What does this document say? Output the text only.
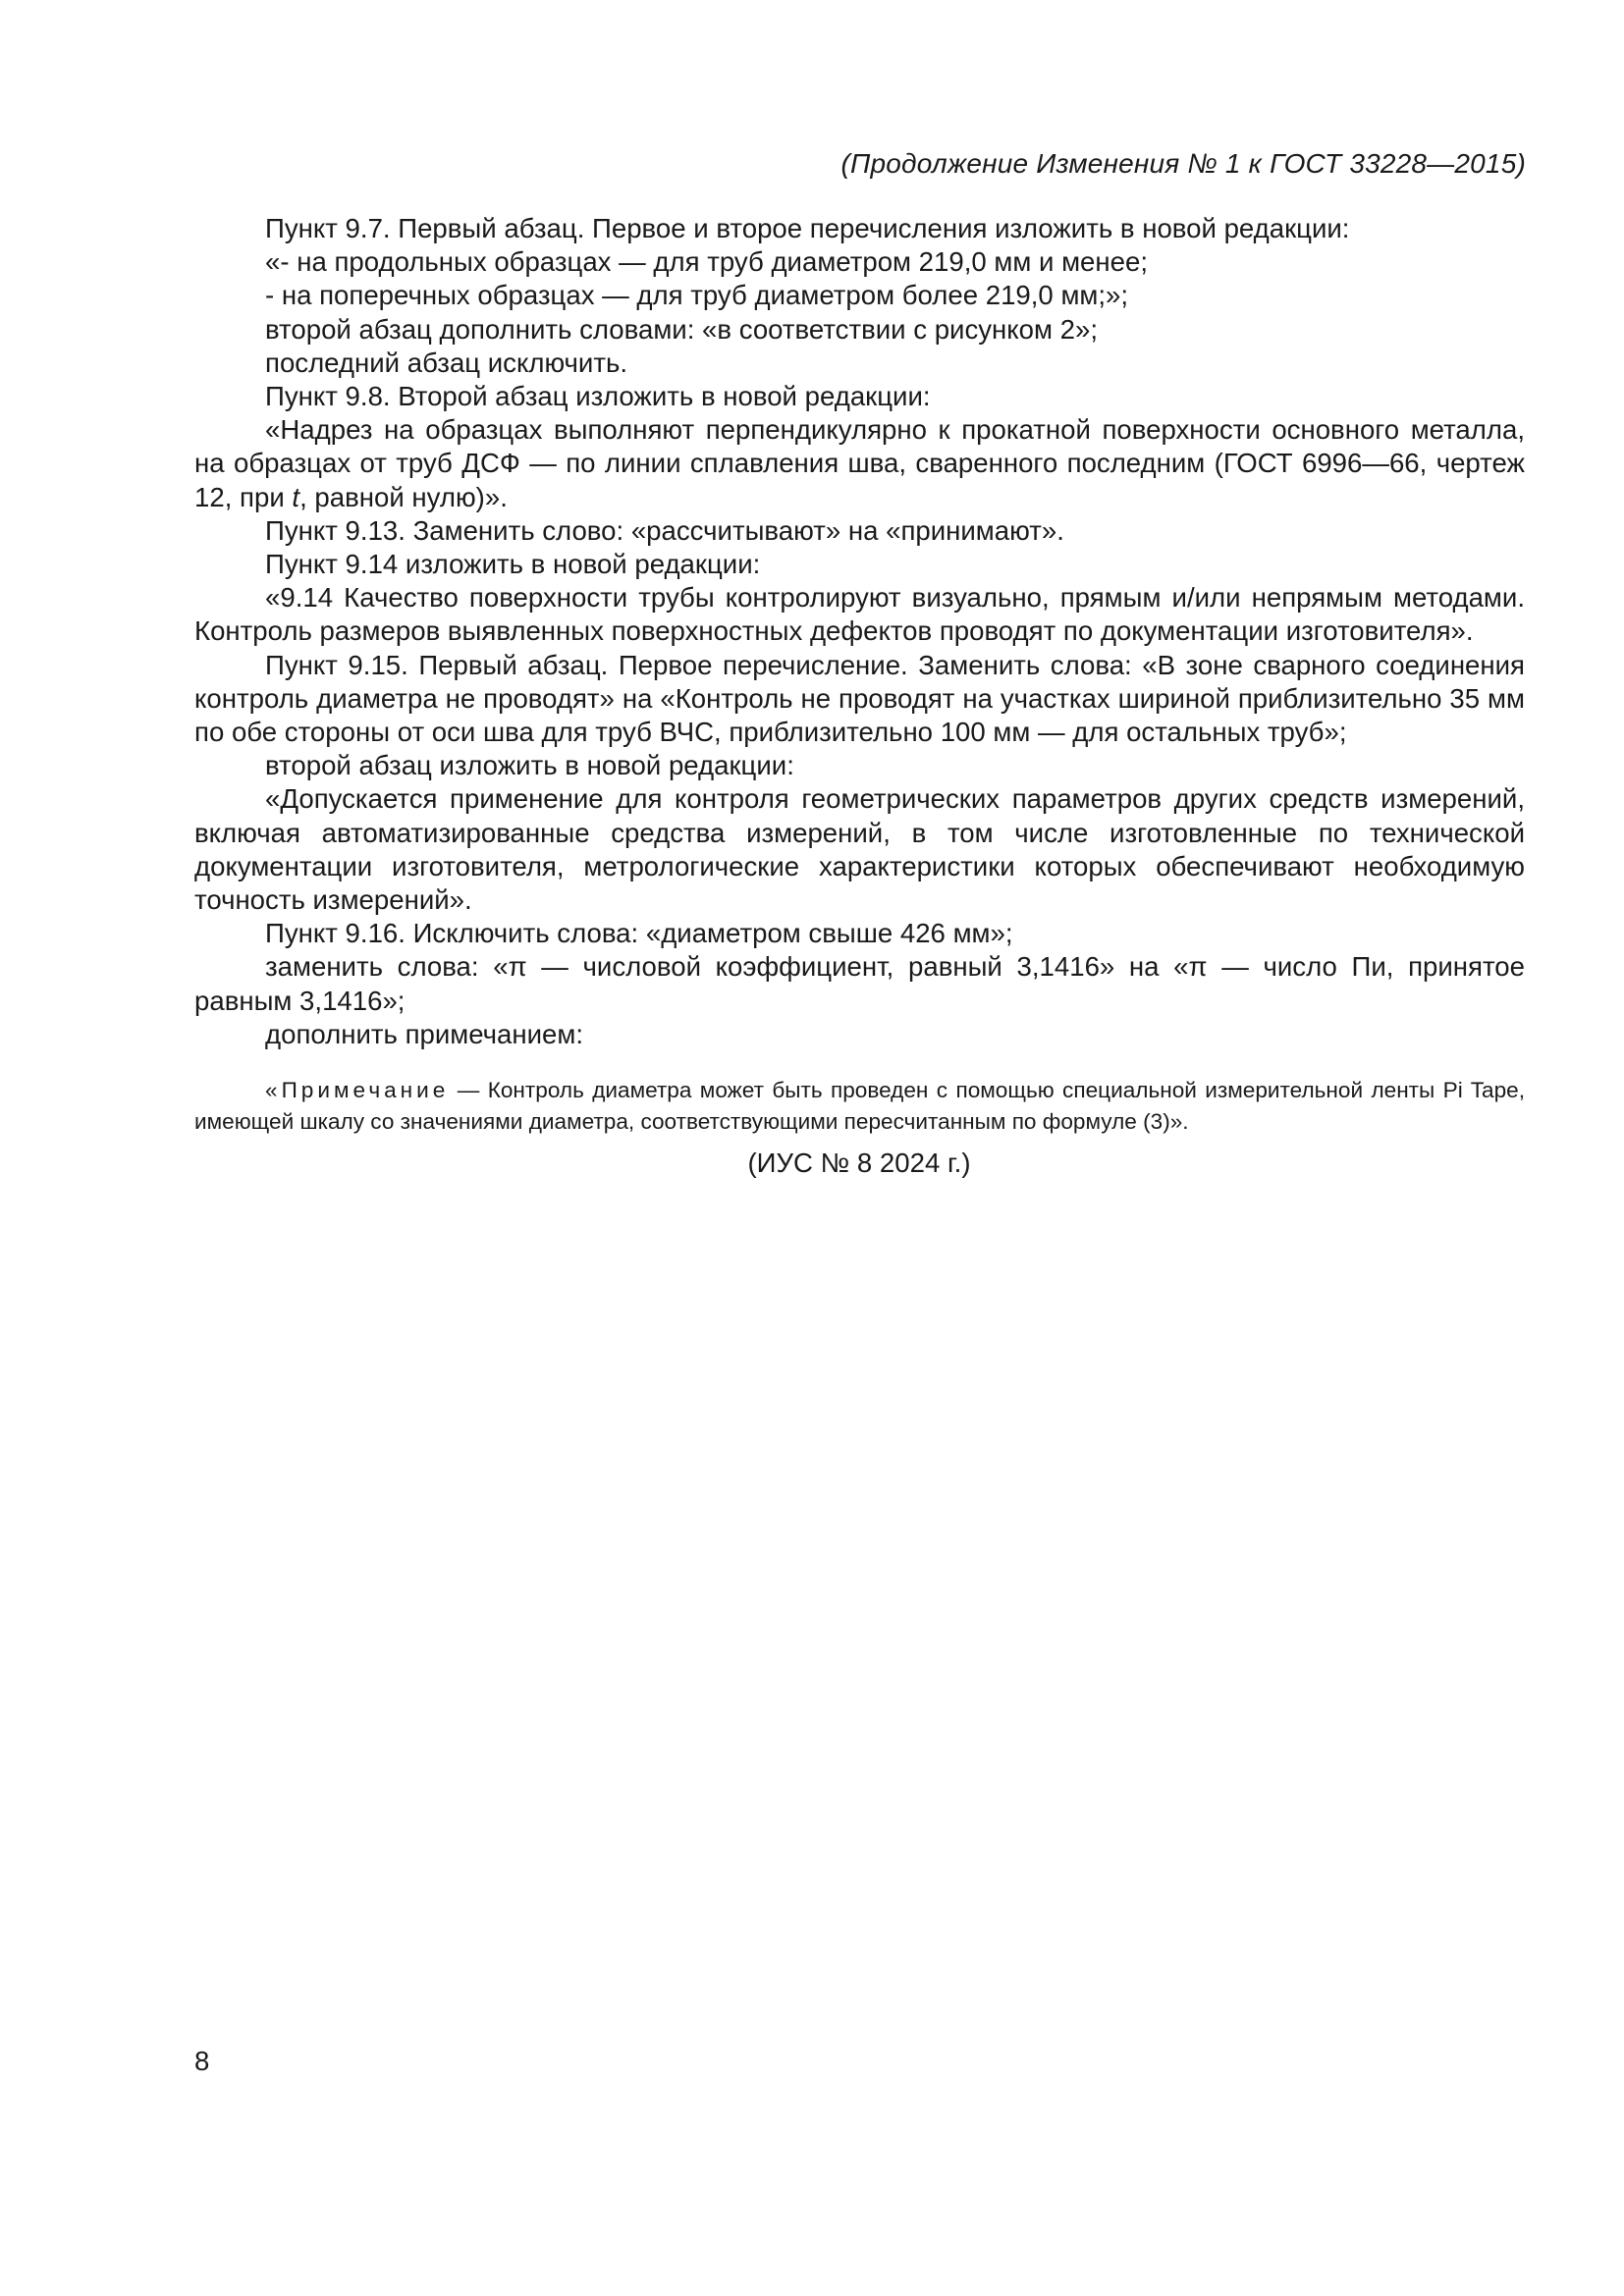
(Продолжение Изменения № 1 к ГОСТ 33228—2015)

Пункт 9.7. Первый абзац. Первое и второе перечисления изложить в новой редакции:

«- на продольных образцах — для труб диаметром 219,0 мм и менее;

- на поперечных образцах — для труб диаметром более 219,0 мм;»;

второй абзац дополнить словами: «в соответствии с рисунком 2»;

последний абзац исключить.

Пункт 9.8. Второй абзац изложить в новой редакции:

«Надрез на образцах выполняют перпендикулярно к прокатной поверхности основного металла, на образцах от труб ДСФ — по линии сплавления шва, сваренного последним (ГОСТ 6996—66, чертеж 12, при t, равной нулю)».

Пункт 9.13. Заменить слово: «рассчитывают» на «принимают».

Пункт 9.14 изложить в новой редакции:

«9.14 Качество поверхности трубы контролируют визуально, прямым и/или непрямым методами. Контроль размеров выявленных поверхностных дефектов проводят по документации изготовителя».

Пункт 9.15. Первый абзац. Первое перечисление. Заменить слова: «В зоне сварного соединения контроль диаметра не проводят» на «Контроль не проводят на участках шириной приблизительно 35 мм по обе стороны от оси шва для труб ВЧС, приблизительно 100 мм — для остальных труб»;

второй абзац изложить в новой редакции:

«Допускается применение для контроля геометрических параметров других средств измерений, включая автоматизированные средства измерений, в том числе изготовленные по технической документации изготовителя, метрологические характеристики которых обеспечивают необходимую точность измерений».

Пункт 9.16. Исключить слова: «диаметром свыше 426 мм»;

заменить слова: «π — числовой коэффициент, равный 3,1416» на «π — число Пи, принятое равным 3,1416»;

дополнить примечанием:

«Примечание — Контроль диаметра может быть проведен с помощью специальной измерительной ленты Pi Tape, имеющей шкалу со значениями диаметра, соответствующими пересчитанным по формуле (3)».

(ИУС № 8 2024 г.)
8
